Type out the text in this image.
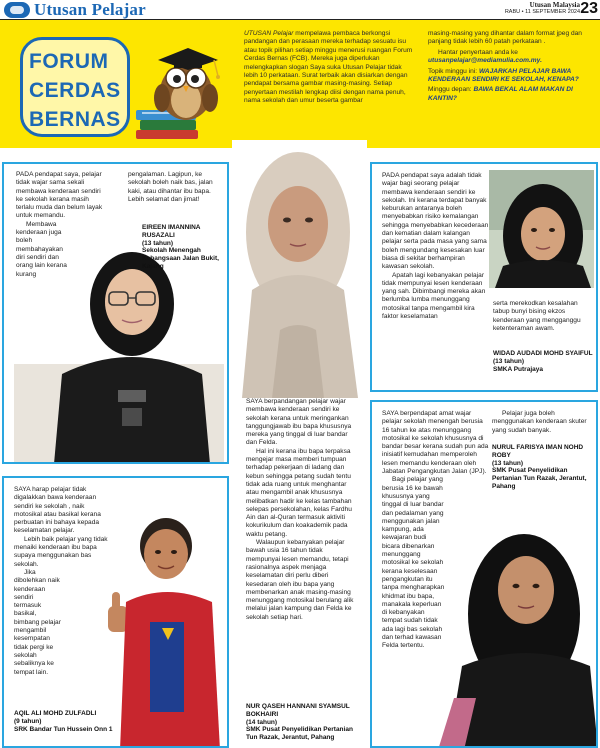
Utusan Pelajar	Utusan Malaysia
RABU • 11 SEPTEMBER 2024 23
FORUM
CERDAS
BERNAS
UTUSAN Pelajar mempelawa pembaca berkongsi pandangan dan perasaan mereka terhadap sesuatu isu atau topik pilihan setiap minggu menerusi ruangan Forum Cerdas Bernas (FCB). Mereka juga diperlukan melengkapkan slogan Saya suka Utusan Pelajar tidak lebih 10 perkataan. Surat terbaik akan disiarkan dengan pendapat bersama gambar masing-masing. Setiap penyertaan mestilah lengkap diisi dengan nama penuh, nama sekolah dan umur beserta gambar

masing-masing yang dihantar dalam format jpeg dan panjang tidak lebih 60 patah perkataan .

Hantar penyertaan anda ke utusanpelajar@mediamulia.com.my.

Topik minggu ini: WAJARKAH PELAJAR BAWA KENDERAAN SENDIRI KE SEKOLAH, KENAPA?

Minggu depan: BAWA BEKAL ALAM MAKAN DI KANTIN?

PADA pendapat saya, pelajar tidak wajar sama sekali membawa kenderaan sendiri ke sekolah kerana masih terlalu muda dan belum layak untuk memandu.

Membawa kenderaan juga boleh membahayakan diri sendiri dan orang lain kerana kurang

pengalaman. Lagipun, ke sekolah boleh naik bas, jalan kaki, atau dihantar ibu bapa. Lebih selamat dan jimat!

EIREEN IMANNINA RUSAZALI
(13 tahun)
Sekolah Menengah Kebangsaan Jalan Bukit, Kajang

PADA pendapat saya adalah tidak wajar bagi seorang pelajar membawa kenderaan sendiri ke sekolah. Ini kerana terdapat banyak keburukan antaranya boleh menyebabkan risiko kemalangan sehingga menyebabkan kecederaan dan kematian dalam kalangan pelajar serta pada masa yang sama boleh mengundang kesesakan luar biasa di sekitar berhampiran kawasan sekolah.

Apatah lagi kebanyakan pelajar tidak mempunyai lesen kenderaan yang sah. Dibimbangi mereka akan berlumba lumba menunggang motosikal tanpa mengambil kira faktor keselamatan

serta merekodkan kesalahan tabup bunyi bising ekzos kenderaan yang mengganggu ketenteraman awam.

WIDAD AUDADI MOHD SYAIFUL
(13 tahun)
SMKA Putrajaya

SAYA berpandangan pelajar wajar membawa kenderaan sendiri ke sekolah kerana untuk meringankan tanggungjawab ibu bapa khususnya mereka yang tinggal di luar bandar dan Felda.

Hal ini kerana ibu bapa terpaksa mengejar masa memberi tumpuan terhadap pekerjaan di ladang dan kebun sehingga petang sudah tentu tidak ada ruang untuk menghantar atau mengambil anak khususnya melibatkan hadir ke kelas tambahan selepas persekolahan, kelas Fardhu Ain dan al-Quran termasuk aktiviti kokurikulum dan koakademik pada waktu petang.

Walaupun kebanyakan pelajar bawah usia 16 tahun tidak mempunyai lesen memandu, tetapi rasionalnya aspek menjaga keselamatan diri perlu diberi kesedaran oleh ibu bapa yang membenarkan anak masing-masing menunggang motosikal berulang alik melalui jalan kampung dan Felda ke sekolah setiap hari.

NUR QASEH HANNANI SYAMSUL BOKHAIRI
(14 tahun)
SMK Pusat Penyelidikan Pertanian Tun Razak, Jerantut, Pahang

SAYA harap pelajar tidak digalakkan bawa kenderaan sendiri ke sekolah , naik motosikal atau basikal kerana perbuatan ini bahaya kepada keselamatan pelajar.

Lebih baik pelajar yang tidak menaiki kenderaan ibu bapa supaya menggunakan bas sekolah.

Jika dibolehkan naik kenderaan sendiri termasuk basikal, bimbang pelajar mengambil kesempatan tidak pergi ke sekolah sebaliknya ke tempat lain.

AQIL ALI MOHD ZULFADLI
(9 tahun)
SRK Bandar Tun Hussein Onn 1

SAYA berpendapat amat wajar pelajar sekolah menengah berusia 16 tahun ke atas menunggang motosikal ke sekolah khususnya di bandar besar kerana sudah pun ada inisiatif kemudahan memperoleh lesen memandu kenderaan oleh Jabatan Pengangkutan Jalan (JPJ).

Bagi pelajar yang berusia 16 ke bawah khususnya yang tinggal di luar bandar dan pedalaman yang menggunakan jalan kampung, ada kewajaran budi bicara dibenarkan menunggang motosikal ke sekolah kerana keselesaan pengangkutan itu tanpa mengharapkan khidmat ibu bapa, manakala keperluan di kebanyakan tempat sudah tidak ada lagi bas sekolah dan terhad kawasan Felda tertentu.

Pelajar juga boleh menggunakan kenderaan skuter yang sudah banyak.

NURUL FARISYA IMAN NOHD ROBY
(13 tahun)
SMK Pusat Penyelidikan Pertanian Tun Razak, Jerantut, Pahang
